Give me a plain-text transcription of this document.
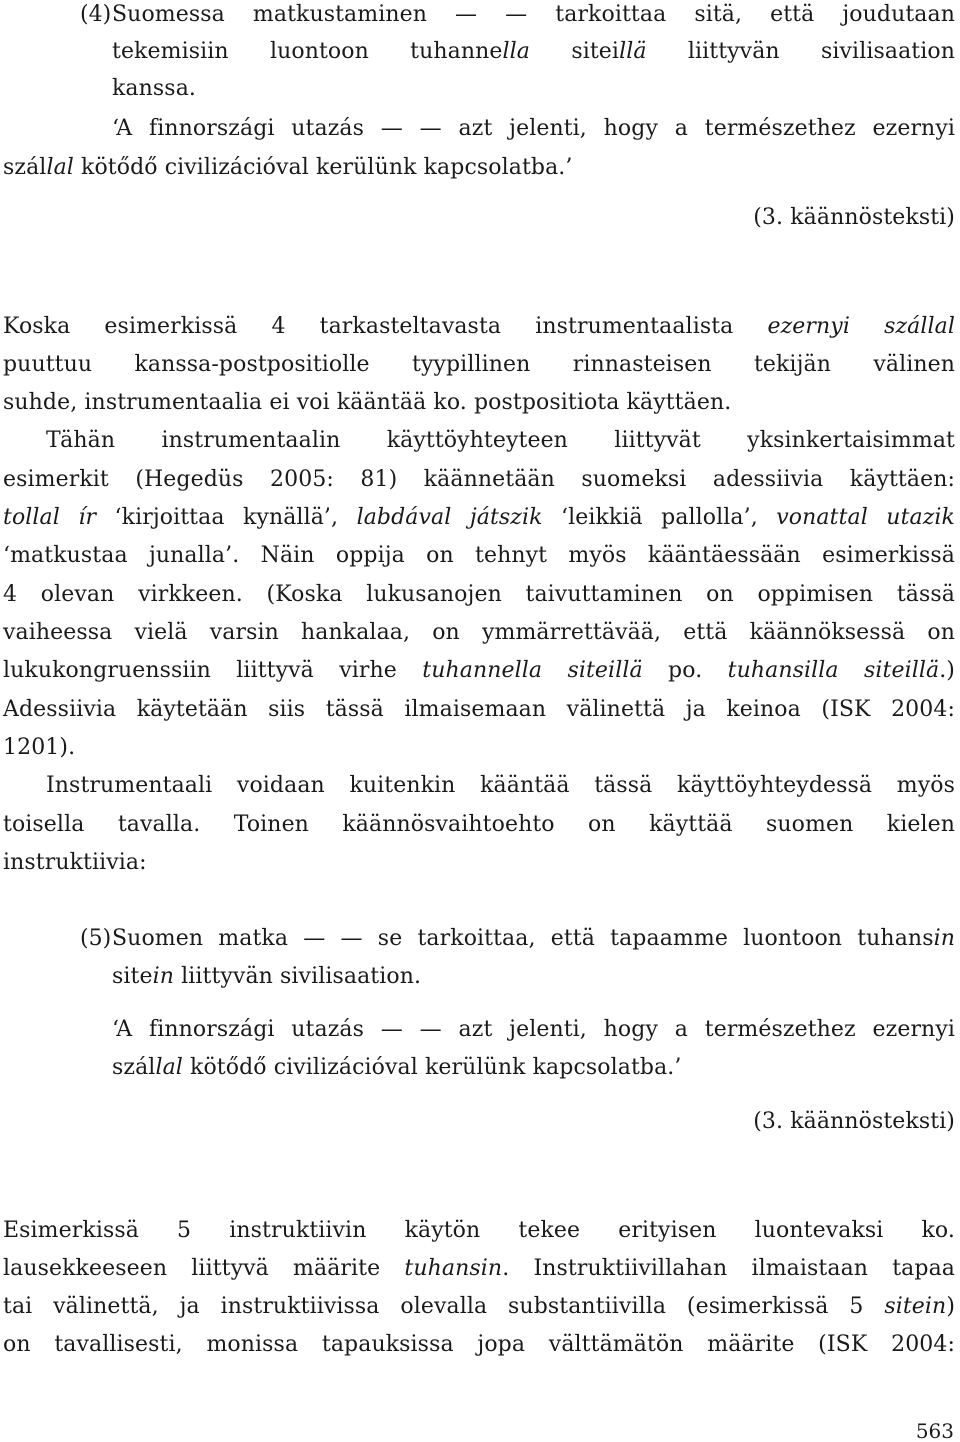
(4) Suomessa matkustaminen — — tarkoittaa sitä, että joudutaan
tekemisiin luontoon tuhannella siteillä liittyvän sivilisaation
kanssa.
‘A finnországi utazás — — azt jelenti, hogy a természethez ezernyi
szállal kötődő civilizációval kerülünk kapcsolatba.’
(3. käännösteksti)
Koska esimerkissä 4 tarkasteltavasta instrumentaalista ezernyi szállal
puuttuu kanssa-postpositiolle tyypillinen rinnasteisen tekijän välinen
suhde, instrumentaalia ei voi kääntää ko. postpositiota käyttäen.
Tähän instrumentaalin käyttöyhteyteen liittyvät yksinkertaisimmat
esimerkit (Hegedüs 2005: 81) käännetään suomeksi adessiivia käyttäen:
tollal ír ‘kirjoittaa kynällä’, labdával játszik ‘leikkiä pallolla’, vonattal utazik
‘matkustaa junalla’. Näin oppija on tehnyt myös kääntäessään esimerkissä
4 olevan virkkeen. (Koska lukusanojen taivuttaminen on oppimisen tässä
vaiheessa vielä varsin hankalaa, on ymmärrettävää, että käännöksessä on
lukukongruenssiin liittyvä virhe tuhannella siteillä po. tuhansilla siteillä.)
Adessiivia käytetään siis tässä ilmaisemaan välinettä ja keinoa (ISK 2004:
1201).
Instrumentaali voidaan kuitenkin kääntää tässä käyttöyhteydessä myös
toisella tavalla. Toinen käännösvaihtoehto on käyttää suomen kielen
instruktiivia:
(5) Suomen matka — — se tarkoittaa, että tapaamme luontoon tuhansin
sitein liittyvän sivilisaation.
‘A finnországi utazás — — azt jelenti, hogy a természethez ezernyi
szállal kötődő civilizációval kerülünk kapcsolatba.’
(3. käännösteksti)
Esimerkissä 5 instruktiivin käytön tekee erityisen luontevaksi ko.
lausekkeeseen liittyvä määrite tuhansin. Instruktiivillahan ilmaistaan tapaa
tai välinettä, ja instruktiivissa olevalla substantiivilla (esimerkissä 5 sitein)
on tavallisesti, monissa tapauksissa jopa välttämätön määrite (ISK 2004:
563
